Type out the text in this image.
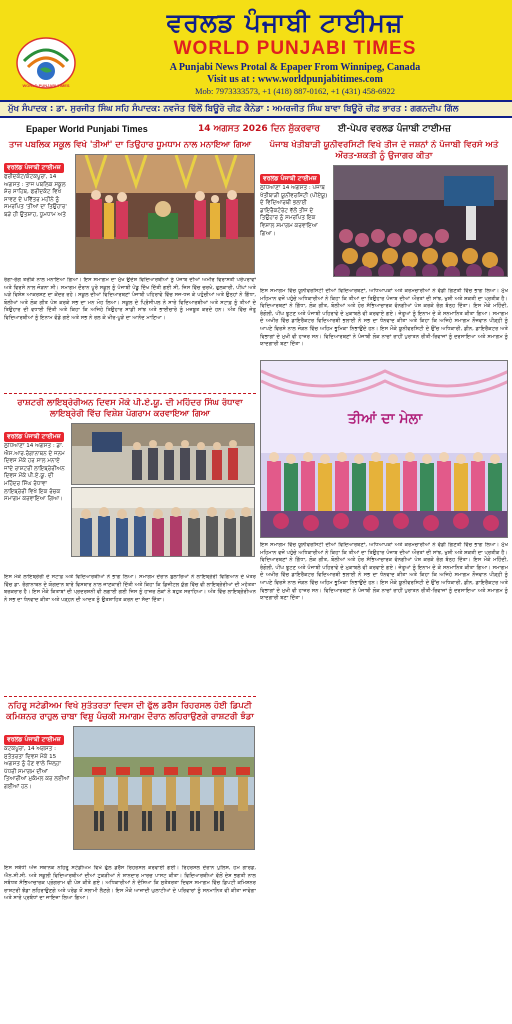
WORLD PUNJABI TIMES
ਵਰਲਡ ਪੰਜਾਬੀ ਟਾਈਮਜ਼
WORLD PUNJABI TIMES
A Punjabi News Protal & Epaper From Winnipeg, Canada
Visit us at : www.worldpunjabitimes.com
Mob: 7973333573, +1 (418) 887-0162, +1 (431) 458-6922
ਮੁੱਖ ਸੰਪਾਦਕ : ਡਾ. ਸੁਰਜੀਤ ਸਿੰਘ ਸਹਿ ਸੰਪਾਦਕ: ਨਵਜੋਤ ਢਿੱਲੋਂ ਬਿਊਰੋ ਚੀਫ਼ ਕੈਨੇਡਾ : ਅਮਰਜੀਤ ਸਿੰਘ ਬਾਵਾ ਬਿਊਰੋ ਚੀਫ਼ ਭਾਰਤ : ਗਗਨਦੀਪ ਗਿੱਲ
Epaper World Punjabi Times	14 ਅਗਸਤ 2026 ਦਿਨ ਸ਼ੁੱਕਰਵਾਰ ਈ-ਪੇਪਰ ਵਰਲਡ ਪੰਜਾਬੀ ਟਾਈਮਜ਼
ਤਾਜ ਪਬਲਿਕ ਸਕੂਲ ਵਿਖੇ 'ਤੀਆਂ' ਦਾ ਤਿਉਹਾਰ ਧੂਮਧਾਮ ਨਾਲ ਮਨਾਇਆ ਗਿਆ
ਵਰਲਡ ਪੰਜਾਬੀ ਟਾਈਮਜ਼
ਫਰੀਦਕੋਟ/ਕੋਟਕਪੂਰਾ, 14 ਅਗਸਤ : ਤਾਜ ਪਬਲਿਕ ਸਕੂਲ ਸ਼ੇਰ ਸਾਹਿਬ, ਫਰੀਦਕੋਟ ਵਿਖੇ ਸਾਵਣ ਦੇ ਪਵਿੱਤਰ ਮਹੀਨੇ ਨੂੰ ਸਮਰਪਿਤ 'ਤੀਆਂ ਦਾ ਤਿਉਹਾਰ' ਬੜੇ ਹੀ ਉਤਸ਼ਾਹ, ਧੂਮਧਾਮ ਅਤੇ
ਰੰਗਾ-ਰੰਗ ਤਰੀਕੇ ਨਾਲ ਮਨਾਇਆ ਗਿਆ। ਇਸ ਸਮਾਗਮ ਦਾ ਮੁੱਖ ਉਦੇਸ਼ ਵਿਦਿਆਰਥੀਆਂ ਨੂੰ ਪੰਜਾਬ ਦੀਆਂ ਅਮੀਰ ਵਿਰਾਸਤੀ ਪਰੰਪਰਾਵਾਂ ਅਤੇ ਵਿਰਸੇ ਨਾਲ ਜੋੜਨਾ ਸੀ। ਸਮਾਗਮ ਦੌਰਾਨ ਪੂਰੇ ਸਕੂਲ ਨੂੰ ਪੰਜਾਬੀ ਪੇਂਡੂ ਦਿੱਖ ਦਿੱਤੀ ਗਈ ਸੀ, ਜਿਸ ਵਿੱਚ ਚਰਖੇ, ਫੁਲਕਾਰੀ, ਪੀਂਘਾਂ ਅਤੇ ਘੜੇ ਵਿਸ਼ੇਸ਼ ਆਕਰਸ਼ਣ ਦਾ ਕੇਂਦਰ ਰਹੇ। ਸਕੂਲ ਦੀਆਂ ਵਿਦਿਆਰਥਣਾਂ ਪੰਜਾਬੀ ਪਹਿਰਾਵੇ ਵਿੱਚ ਸਜ-ਧਜ ਕੇ ਪਹੁੰਚੀਆਂ ਅਤੇ ਉਨ੍ਹਾਂ ਨੇ ਗਿੱਧਾ, ਬੋਲੀਆਂ ਅਤੇ ਲੋਕ ਗੀਤ ਪੇਸ਼ ਕਰਕੇ ਸਭ ਦਾ ਮਨ ਮੋਹ ਲਿਆ। ਸਕੂਲ ਦੇ ਪ੍ਰਿੰਸੀਪਲ ਨੇ ਸਾਰੇ ਵਿਦਿਆਰਥੀਆਂ ਅਤੇ ਸਟਾਫ਼ ਨੂੰ ਤੀਆਂ ਦੇ ਤਿਉਹਾਰ ਦੀ ਵਧਾਈ ਦਿੱਤੀ ਅਤੇ ਕਿਹਾ ਕਿ ਅਜਿਹੇ ਤਿਉਹਾਰ ਸਾਡੀ ਸਾਂਝ ਅਤੇ ਭਾਈਚਾਰੇ ਨੂੰ ਮਜ਼ਬੂਤ ਕਰਦੇ ਹਨ। ਅੰਤ ਵਿੱਚ ਜੇਤੂ ਵਿਦਿਆਰਥੀਆਂ ਨੂੰ ਇਨਾਮ ਵੰਡੇ ਗਏ ਅਤੇ ਸਭ ਨੇ ਰਲ ਕੇ ਖੀਰ-ਪੂੜੇ ਦਾ ਆਨੰਦ ਮਾਣਿਆ।
ਰਾਸ਼ਟਰੀ ਲਾਇਬ੍ਰੇਰੀਅਨ ਦਿਵਸ ਮੌਕੇ ਪੀ.ਏ.ਯੂ. ਦੀ ਮਹਿੰਦਰ ਸਿੰਘ ਰੰਧਾਵਾ ਲਾਇਬ੍ਰੇਰੀ ਵਿੱਚ ਵਿਸ਼ੇਸ਼ ਪੋਗਰਾਮ ਕਰਵਾਇਆ ਗਿਆ
ਵਰਲਡ ਪੰਜਾਬੀ ਟਾਈਮਜ਼
ਲੁਧਿਆਣਾ 14 ਅਗਸਤ : ਡਾ. ਐਸ.ਆਰ.ਰੰਗਾਨਾਥਨ ਦੇ ਜਨਮ ਦਿਵਸ ਮੌਕੇ ਹਰ ਸਾਲ ਮਨਾਏ ਜਾਂਦੇ ਰਾਸ਼ਟਰੀ ਲਾਇਬ੍ਰੇਰੀਅਨ ਦਿਵਸ ਮੌਕੇ ਪੀ.ਏ.ਯੂ. ਦੀ ਮਹਿੰਦਰ ਸਿੰਘ ਰੰਧਾਵਾ ਲਾਇਬ੍ਰੇਰੀ ਵਿਖੇ ਇਕ ਰੋਚਕ ਸਮਾਗਮ ਕਰਵਾਇਆ ਗਿਆ।
ਇਸ ਮੌਕੇ ਲਾਇਬ੍ਰੇਰੀ ਦੇ ਸਟਾਫ਼ ਅਤੇ ਵਿਦਿਆਰਥੀਆਂ ਨੇ ਭਾਗ ਲਿਆ। ਸਮਾਗਮ ਦੌਰਾਨ ਬੁਲਾਰਿਆਂ ਨੇ ਲਾਇਬ੍ਰੇਰੀ ਵਿਗਿਆਨ ਦੇ ਖੇਤਰ ਵਿੱਚ ਡਾ. ਰੰਗਾਨਾਥਨ ਦੇ ਯੋਗਦਾਨ ਬਾਰੇ ਵਿਸਥਾਰ ਨਾਲ ਜਾਣਕਾਰੀ ਦਿੱਤੀ ਅਤੇ ਕਿਹਾ ਕਿ ਡਿਜੀਟਲ ਯੁੱਗ ਵਿੱਚ ਵੀ ਲਾਇਬ੍ਰੇਰੀਆਂ ਦੀ ਮਹੱਤਤਾ ਬਰਕਰਾਰ ਹੈ। ਇਸ ਮੌਕੇ ਕਿਤਾਬਾਂ ਦੀ ਪ੍ਰਦਰਸ਼ਨੀ ਵੀ ਲਗਾਈ ਗਈ ਜਿਸ ਨੂੰ ਹਾਜ਼ਰ ਲੋਕਾਂ ਨੇ ਬਹੁਤ ਸਰਾਹਿਆ। ਅੰਤ ਵਿੱਚ ਲਾਇਬ੍ਰੇਰੀਅਨ ਨੇ ਸਭ ਦਾ ਧੰਨਵਾਦ ਕੀਤਾ ਅਤੇ ਪੜ੍ਹਨ ਦੀ ਆਦਤ ਨੂੰ ਉਤਸ਼ਾਹਿਤ ਕਰਨ ਦਾ ਸੱਦਾ ਦਿੱਤਾ।
ਨਹਿਰੂ ਸਟੇਡੀਅਮ ਵਿਖੇ ਸੁਤੰਤਰਤਾ ਦਿਵਸ ਦੀ ਫੁੱਲ ਡਰੈੱਸ ਰਿਹਰਸਲ ਹੋਈ ਡਿਪਟੀ ਕਮਿਸ਼ਨਰ ਰਾਹੁਲ ਚਾਬਾ ਵਿਸ਼ੂ ਪੰਚਕੀ ਸਮਾਗਮ ਦੌਰਾਨ ਲਹਿਰਾਉਣਗੇ ਰਾਸ਼ਟਰੀ ਝੰਡਾ
ਵਰਲਡ ਪੰਜਾਬੀ ਟਾਈਮਜ਼
ਕੋਟਕਪੂਰਾ, 14 ਅਗਸਤ : ਸੁਤੰਤਰਤਾ ਦਿਵਸ ਮੌਕੇ 15 ਅਗਸਤ ਨੂੰ ਹੋਣ ਵਾਲੇ ਜ਼ਿਲ੍ਹਾ ਪੱਧਰੀ ਸਮਾਗਮ ਦੀਆਂ ਤਿਆਰੀਆਂ ਮੁਕੰਮਲ ਕਰ ਲਈਆਂ ਗਈਆਂ ਹਨ।
ਇਸ ਸਬੰਧੀ ਅੱਜ ਸਥਾਨਕ ਨਹਿਰੂ ਸਟੇਡੀਅਮ ਵਿਖੇ ਫੁੱਲ ਡਰੈੱਸ ਰਿਹਰਸਲ ਕਰਵਾਈ ਗਈ। ਰਿਹਰਸਲ ਦੌਰਾਨ ਪੁਲਿਸ, ਹੋਮ ਗਾਰਡ, ਐਨ.ਸੀ.ਸੀ. ਅਤੇ ਸਕੂਲੀ ਵਿਦਿਆਰਥੀਆਂ ਦੀਆਂ ਟੁਕੜੀਆਂ ਨੇ ਸ਼ਾਨਦਾਰ ਮਾਰਚ ਪਾਸਟ ਕੀਤਾ। ਵਿਦਿਆਰਥੀਆਂ ਵੱਲੋਂ ਦੇਸ਼ ਭਗਤੀ ਨਾਲ ਸਬੰਧਤ ਸੱਭਿਆਚਾਰਕ ਪ੍ਰੋਗਰਾਮ ਵੀ ਪੇਸ਼ ਕੀਤੇ ਗਏ। ਅਧਿਕਾਰੀਆਂ ਨੇ ਦੱਸਿਆ ਕਿ ਸੁਤੰਤਰਤਾ ਦਿਵਸ ਸਮਾਗਮ ਵਿੱਚ ਡਿਪਟੀ ਕਮਿਸ਼ਨਰ ਰਾਸ਼ਟਰੀ ਝੰਡਾ ਲਹਿਰਾਉਣਗੇ ਅਤੇ ਪਰੇਡ ਤੋਂ ਸਲਾਮੀ ਲੈਣਗੇ। ਇਸ ਮੌਕੇ ਆਜ਼ਾਦੀ ਘੁਲਾਟੀਆਂ ਦੇ ਪਰਿਵਾਰਾਂ ਨੂੰ ਸਨਮਾਨਿਤ ਵੀ ਕੀਤਾ ਜਾਵੇਗਾ ਅਤੇ ਸਾਰੇ ਪ੍ਰਬੰਧਾਂ ਦਾ ਜਾਇਜ਼ਾ ਲਿਆ ਗਿਆ।
ਪੰਜਾਬ ਖੇਤੀਬਾੜੀ ਯੂਨੀਵਰਸਿਟੀ ਵਿਖੇ ਤੀਜ ਦੇ ਜਸ਼ਨਾਂ ਨੇ ਪੰਜਾਬੀ ਵਿਰਸੇ ਅਤੇ ਔਰਤ-ਸ਼ਕਤੀ ਨੂੰ ਉਜਾਗਰ ਕੀਤਾ
ਵਰਲਡ ਪੰਜਾਬੀ ਟਾਈਮਜ਼
ਲੁਧਿਆਣਾ 14 ਅਗਸਤ : ਪੰਜਾਬ ਖੇਤੀਬਾੜੀ ਯੂਨੀਵਰਸਿਟੀ (ਪੀਏਯੂ) ਦੇ ਵਿਦਿਆਰਥੀ ਭਲਾਈ ਡਾਇਰੈਕਟੋਰੇਟ ਵੱਲੋਂ ਤੀਜ ਦੇ ਤਿਉਹਾਰ ਨੂੰ ਸਮਰਪਿਤ ਇਕ ਵਿਸ਼ਾਲ ਸਮਾਗਮ ਕਰਵਾਇਆ ਗਿਆ।
ਇਸ ਸਮਾਗਮ ਵਿੱਚ ਯੂਨੀਵਰਸਿਟੀ ਦੀਆਂ ਵਿਦਿਆਰਥਣਾਂ, ਅਧਿਆਪਕਾਂ ਅਤੇ ਕਰਮਚਾਰੀਆਂ ਨੇ ਵੱਡੀ ਗਿਣਤੀ ਵਿੱਚ ਭਾਗ ਲਿਆ। ਮੁੱਖ ਮਹਿਮਾਨ ਵਜੋਂ ਪਹੁੰਚੇ ਅਧਿਕਾਰੀਆਂ ਨੇ ਕਿਹਾ ਕਿ ਤੀਆਂ ਦਾ ਤਿਉਹਾਰ ਪੰਜਾਬ ਦੀਆਂ ਔਰਤਾਂ ਦੀ ਸਾਂਝ, ਖੁਸ਼ੀ ਅਤੇ ਸ਼ਕਤੀ ਦਾ ਪ੍ਰਤੀਕ ਹੈ। ਵਿਦਿਆਰਥਣਾਂ ਨੇ ਗਿੱਧਾ, ਲੋਕ ਗੀਤ, ਬੋਲੀਆਂ ਅਤੇ ਹੋਰ ਸੱਭਿਆਚਾਰਕ ਵੰਨਗੀਆਂ ਪੇਸ਼ ਕਰਕੇ ਰੰਗ ਬੰਨ੍ਹ ਦਿੱਤਾ। ਇਸ ਮੌਕੇ ਮਹਿੰਦੀ, ਰੰਗੋਲੀ, ਪੀਂਘ ਝੂਟਣ ਅਤੇ ਪੰਜਾਬੀ ਪਹਿਰਾਵੇ ਦੇ ਮੁਕਾਬਲੇ ਵੀ ਕਰਵਾਏ ਗਏ। ਜੇਤੂਆਂ ਨੂੰ ਇਨਾਮ ਦੇ ਕੇ ਸਨਮਾਨਿਤ ਕੀਤਾ ਗਿਆ। ਸਮਾਗਮ ਦੇ ਅਖੀਰ ਵਿੱਚ ਡਾਇਰੈਕਟਰ ਵਿਦਿਆਰਥੀ ਭਲਾਈ ਨੇ ਸਭ ਦਾ ਧੰਨਵਾਦ ਕੀਤਾ ਅਤੇ ਕਿਹਾ ਕਿ ਅਜਿਹੇ ਸਮਾਗਮ ਨੌਜਵਾਨ ਪੀੜ੍ਹੀ ਨੂੰ ਆਪਣੇ ਵਿਰਸੇ ਨਾਲ ਜੋੜਨ ਵਿੱਚ ਅਹਿਮ ਭੂਮਿਕਾ ਨਿਭਾਉਂਦੇ ਹਨ। ਇਸ ਮੌਕੇ ਯੂਨੀਵਰਸਿਟੀ ਦੇ ਉੱਚ ਅਧਿਕਾਰੀ, ਡੀਨ, ਡਾਇਰੈਕਟਰ ਅਤੇ ਵਿਭਾਗਾਂ ਦੇ ਮੁਖੀ ਵੀ ਹਾਜ਼ਰ ਸਨ। ਵਿਦਿਆਰਥਣਾਂ ਨੇ ਪੰਜਾਬੀ ਲੋਕ ਨਾਚਾਂ ਰਾਹੀਂ ਪੁਰਾਤਨ ਰੀਤੀ-ਰਿਵਾਜਾਂ ਨੂੰ ਦਰਸਾਇਆ ਅਤੇ ਸਮਾਗਮ ਨੂੰ ਯਾਦਗਾਰੀ ਬਣਾ ਦਿੱਤਾ।
ਤੀਆਂ ਦਾ ਮੇਲਾ
ਇਸ ਸਮਾਗਮ ਵਿੱਚ ਯੂਨੀਵਰਸਿਟੀ ਦੀਆਂ ਵਿਦਿਆਰਥਣਾਂ, ਅਧਿਆਪਕਾਂ ਅਤੇ ਕਰਮਚਾਰੀਆਂ ਨੇ ਵੱਡੀ ਗਿਣਤੀ ਵਿੱਚ ਭਾਗ ਲਿਆ। ਮੁੱਖ ਮਹਿਮਾਨ ਵਜੋਂ ਪਹੁੰਚੇ ਅਧਿਕਾਰੀਆਂ ਨੇ ਕਿਹਾ ਕਿ ਤੀਆਂ ਦਾ ਤਿਉਹਾਰ ਪੰਜਾਬ ਦੀਆਂ ਔਰਤਾਂ ਦੀ ਸਾਂਝ, ਖੁਸ਼ੀ ਅਤੇ ਸ਼ਕਤੀ ਦਾ ਪ੍ਰਤੀਕ ਹੈ। ਵਿਦਿਆਰਥਣਾਂ ਨੇ ਗਿੱਧਾ, ਲੋਕ ਗੀਤ, ਬੋਲੀਆਂ ਅਤੇ ਹੋਰ ਸੱਭਿਆਚਾਰਕ ਵੰਨਗੀਆਂ ਪੇਸ਼ ਕਰਕੇ ਰੰਗ ਬੰਨ੍ਹ ਦਿੱਤਾ। ਇਸ ਮੌਕੇ ਮਹਿੰਦੀ, ਰੰਗੋਲੀ, ਪੀਂਘ ਝੂਟਣ ਅਤੇ ਪੰਜਾਬੀ ਪਹਿਰਾਵੇ ਦੇ ਮੁਕਾਬਲੇ ਵੀ ਕਰਵਾਏ ਗਏ। ਜੇਤੂਆਂ ਨੂੰ ਇਨਾਮ ਦੇ ਕੇ ਸਨਮਾਨਿਤ ਕੀਤਾ ਗਿਆ। ਸਮਾਗਮ ਦੇ ਅਖੀਰ ਵਿੱਚ ਡਾਇਰੈਕਟਰ ਵਿਦਿਆਰਥੀ ਭਲਾਈ ਨੇ ਸਭ ਦਾ ਧੰਨਵਾਦ ਕੀਤਾ ਅਤੇ ਕਿਹਾ ਕਿ ਅਜਿਹੇ ਸਮਾਗਮ ਨੌਜਵਾਨ ਪੀੜ੍ਹੀ ਨੂੰ ਆਪਣੇ ਵਿਰਸੇ ਨਾਲ ਜੋੜਨ ਵਿੱਚ ਅਹਿਮ ਭੂਮਿਕਾ ਨਿਭਾਉਂਦੇ ਹਨ। ਇਸ ਮੌਕੇ ਯੂਨੀਵਰਸਿਟੀ ਦੇ ਉੱਚ ਅਧਿਕਾਰੀ, ਡੀਨ, ਡਾਇਰੈਕਟਰ ਅਤੇ ਵਿਭਾਗਾਂ ਦੇ ਮੁਖੀ ਵੀ ਹਾਜ਼ਰ ਸਨ। ਵਿਦਿਆਰਥਣਾਂ ਨੇ ਪੰਜਾਬੀ ਲੋਕ ਨਾਚਾਂ ਰਾਹੀਂ ਪੁਰਾਤਨ ਰੀਤੀ-ਰਿਵਾਜਾਂ ਨੂੰ ਦਰਸਾਇਆ ਅਤੇ ਸਮਾਗਮ ਨੂੰ ਯਾਦਗਾਰੀ ਬਣਾ ਦਿੱਤਾ।
